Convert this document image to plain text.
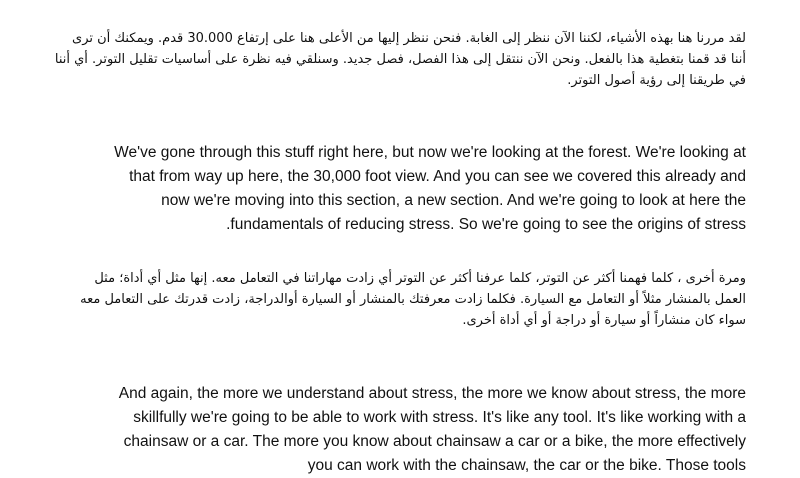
لقد مررنا هنا بهذه الأشياء، لكننا الآن ننظر إلى الغابة. فنحن ننظر إليها من الأعلى هنا على إرتفاع 30.000 قدم. ويمكنك أن ترى
أننا قد قمنا بتغطية هذا بالفعل. ونحن الآن ننتقل إلى هذا الفصل، فصل جديد. وسنلقي فيه نظرة على أساسيات تقليل التوتر. أي أننا
في طريقنا إلى رؤية أصول التوتر.
We've gone through this stuff right here, but now we're looking at the forest. We're looking at
that from way up here, the 30,000 foot view. And you can see we covered this already and
now we're moving into this section, a new section. And we're going to look at here the
fundamentals of reducing stress. So we're going to see the origins of stress.
ومرة أخرى ، كلما فهمنا أكثر عن التوتر، كلما عرفنا أكثر عن التوتر أي زادت مهاراتنا في التعامل معه. إنها مثل أي أداة؛ مثل
العمل بالمنشار مثلاً أو التعامل مع السيارة. فكلما زادت معرفتك بالمنشار أو السيارة أوالدراجة، زادت قدرتك على التعامل معه
سواء كان منشاراً أو سيارة أو دراجة أو أي أداة أخرى.
And again, the more we understand about stress, the more we know about stress, the more
skillfully we're going to be able to work with stress. It's like any tool. It's like working with a
chainsaw or a car. The more you know about chainsaw a car or a bike, the more effectively
you can work with the chainsaw, the car or the bike. Those tools
